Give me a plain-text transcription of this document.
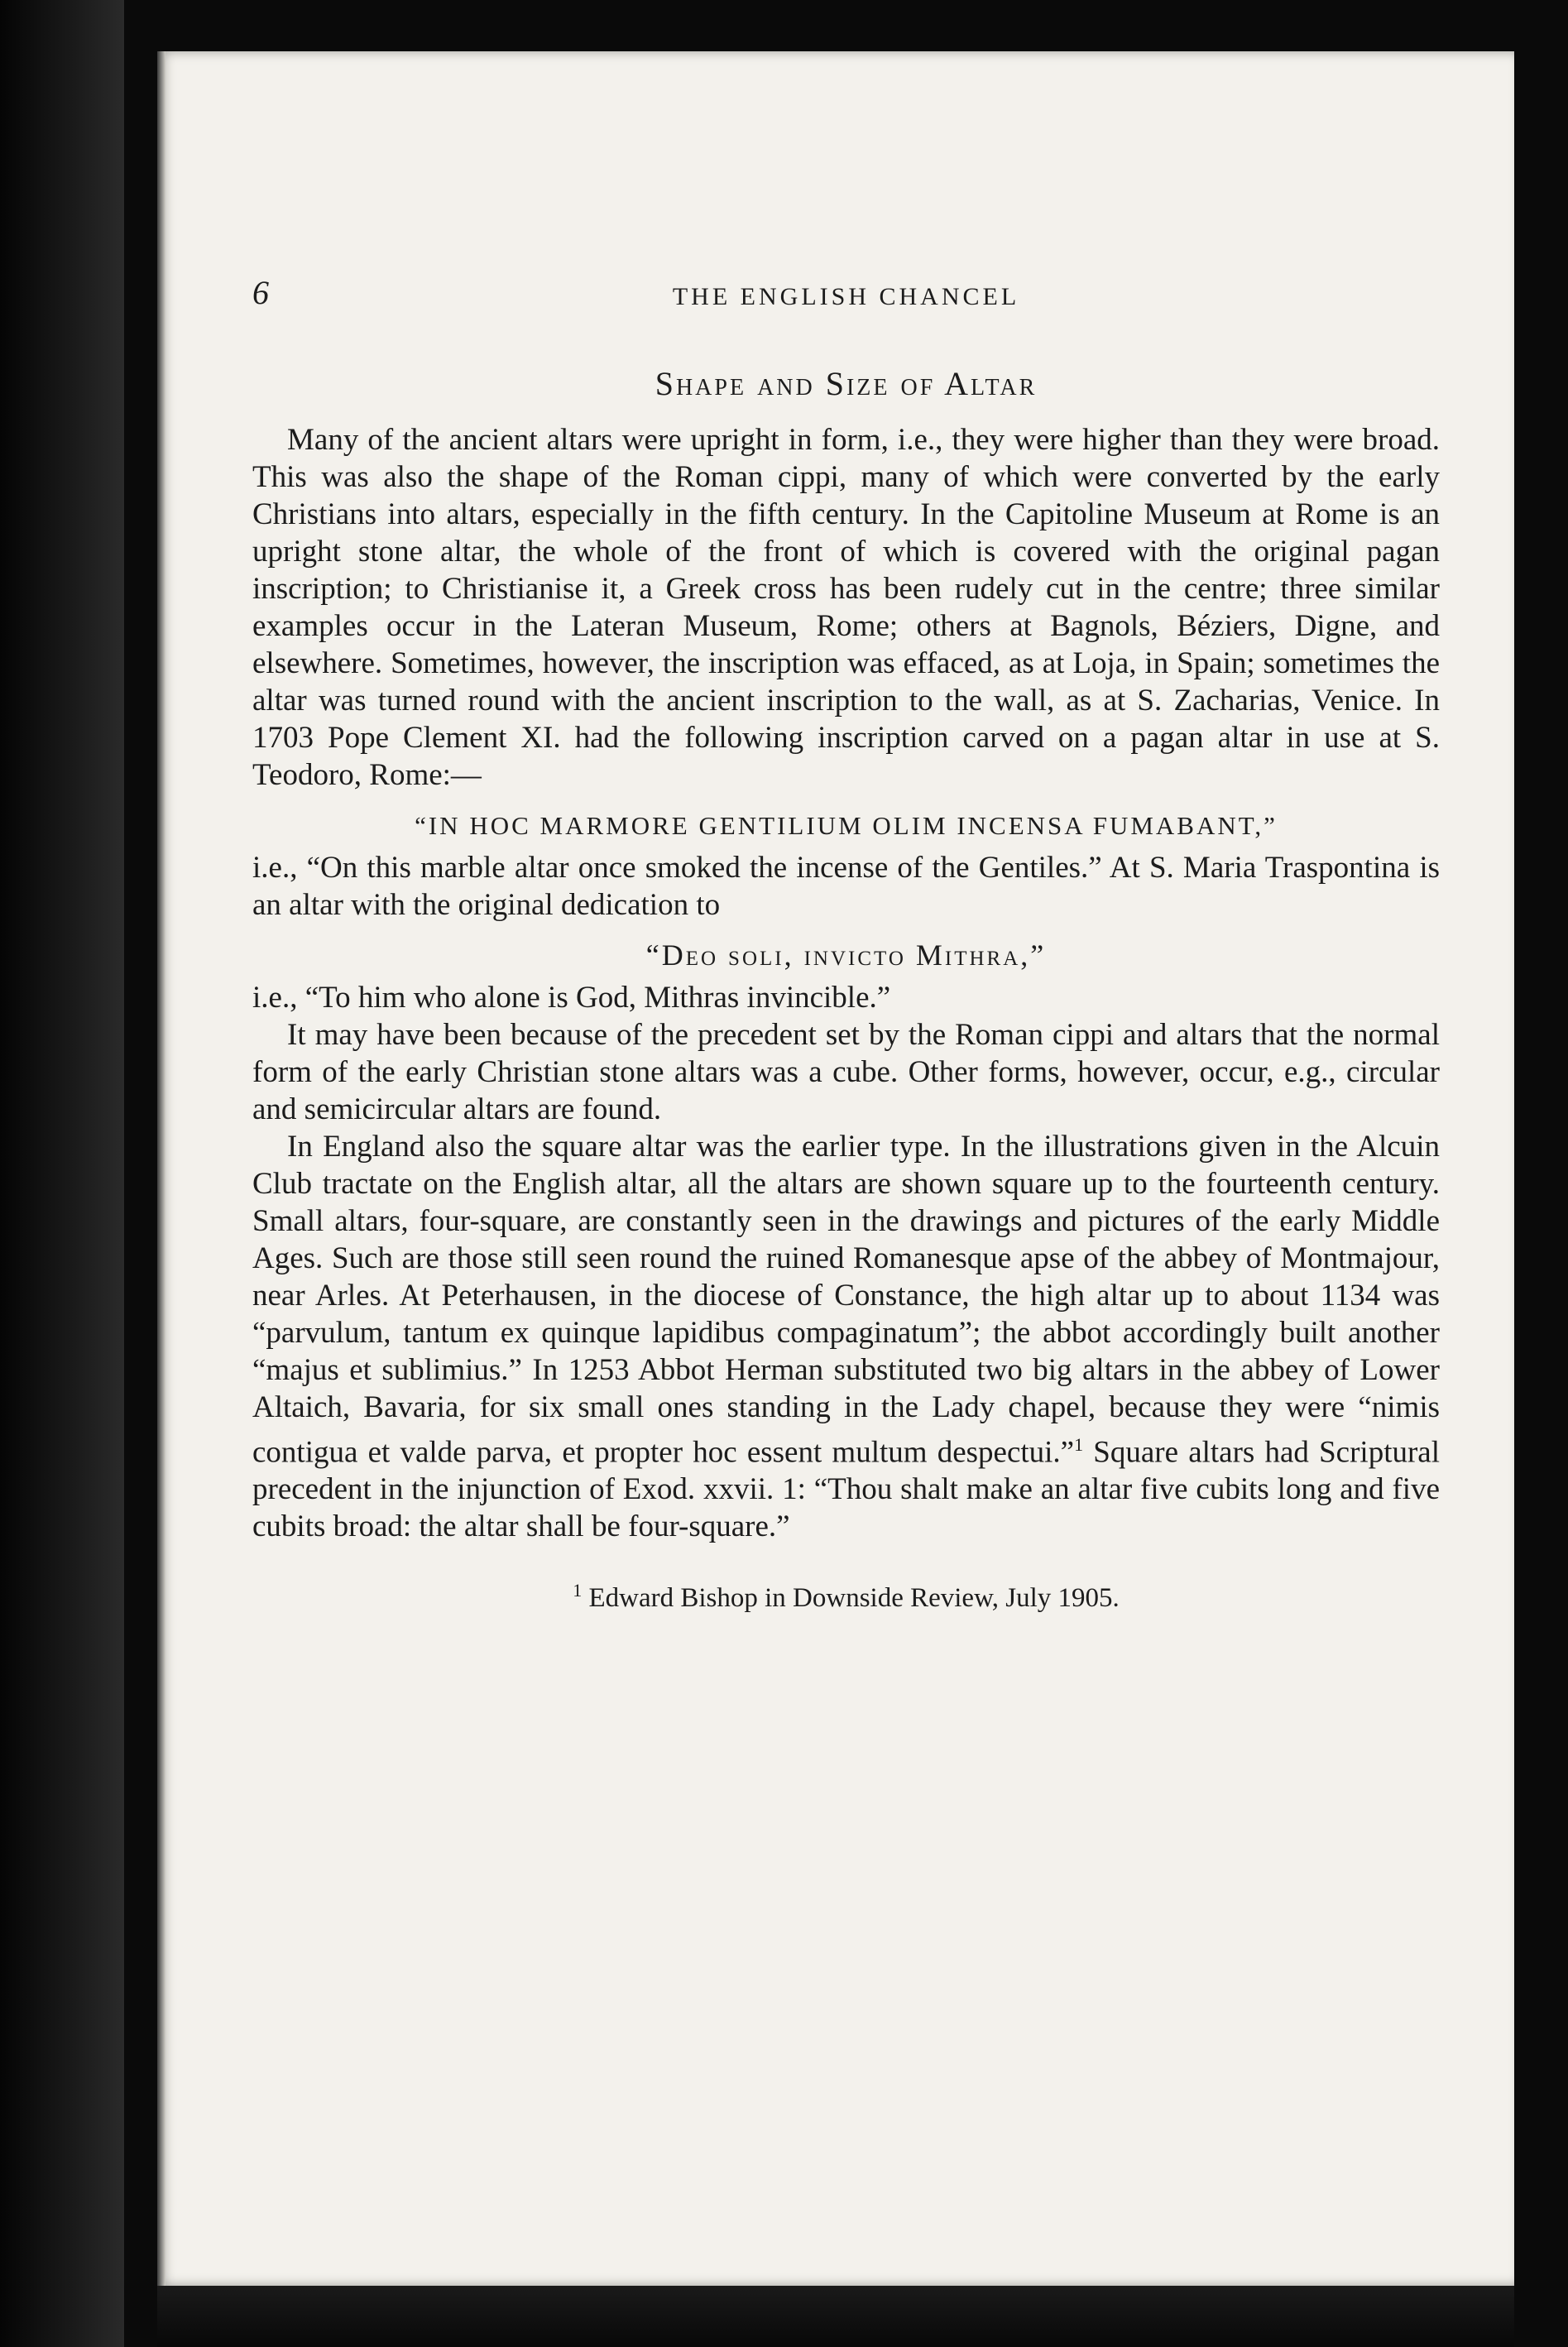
6	THE ENGLISH CHANCEL
Shape and Size of Altar

Many of the ancient altars were upright in form, i.e., they were higher than they were broad. This was also the shape of the Roman cippi, many of which were converted by the early Christians into altars, especially in the fifth century. In the Capitoline Museum at Rome is an upright stone altar, the whole of the front of which is covered with the original pagan inscription; to Christianise it, a Greek cross has been rudely cut in the centre; three similar examples occur in the Lateran Museum, Rome; others at Bagnols, Béziers, Digne, and elsewhere. Sometimes, however, the inscription was effaced, as at Loja, in Spain; sometimes the altar was turned round with the ancient inscription to the wall, as at S. Zacharias, Venice. In 1703 Pope Clement XI. had the following inscription carved on a pagan altar in use at S. Teodoro, Rome:—

“IN HOC MARMORE GENTILIUM OLIM INCENSA FUMABANT,”

i.e., “On this marble altar once smoked the incense of the Gentiles.” At S. Maria Traspontina is an altar with the original dedication to

“Deo soli, invicto Mithra,”

i.e., “To him who alone is God, Mithras invincible.”

It may have been because of the precedent set by the Roman cippi and altars that the normal form of the early Christian stone altars was a cube. Other forms, however, occur, e.g., circular and semicircular altars are found.

In England also the square altar was the earlier type. In the illustrations given in the Alcuin Club tractate on the English altar, all the altars are shown square up to the fourteenth century. Small altars, four-square, are constantly seen in the drawings and pictures of the early Middle Ages. Such are those still seen round the ruined Romanesque apse of the abbey of Montmajour, near Arles. At Peterhausen, in the diocese of Constance, the high altar up to about 1134 was “parvulum, tantum ex quinque lapidibus compaginatum”; the abbot accordingly built another “majus et sublimius.” In 1253 Abbot Herman substituted two big altars in the abbey of Lower Altaich, Bavaria, for six small ones standing in the Lady chapel, because they were “nimis contigua et valde parva, et propter hoc essent multum despectui.”$^1$ Square altars had Scriptural precedent in the injunction of Exod. xxvii. 1: “Thou shalt make an altar five cubits long and five cubits broad: the altar shall be four-square.”

$^1$ Edward Bishop in Downside Review, July 1905.
